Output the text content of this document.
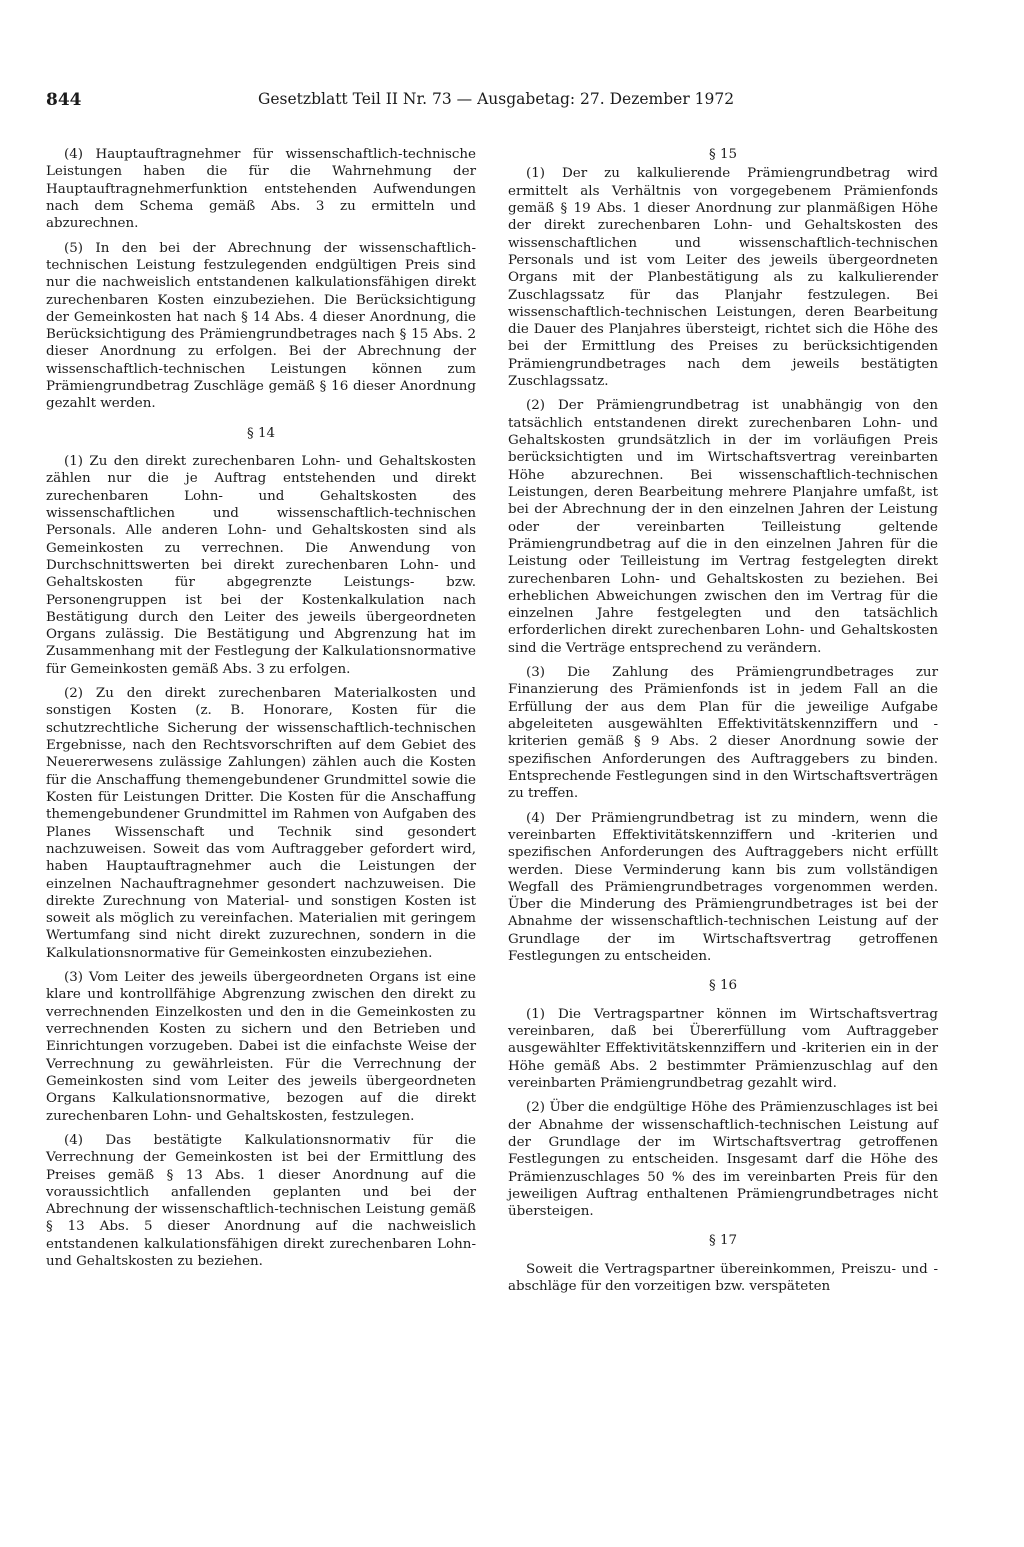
844	Gesetzblatt Teil II Nr. 73 — Ausgabetag: 27. Dezember 1972

(4) Hauptauftragnehmer für wissenschaftlich-technische Leistungen haben die für die Wahrnehmung der Hauptauftragnehmerfunktion entstehenden Aufwendungen nach dem Schema gemäß Abs. 3 zu ermitteln und abzurechnen.

(5) In den bei der Abrechnung der wissenschaftlich-technischen Leistung festzulegenden endgültigen Preis sind nur die nachweislich entstandenen kalkulationsfähigen direkt zurechenbaren Kosten einzubeziehen. Die Berücksichtigung der Gemeinkosten hat nach § 14 Abs. 4 dieser Anordnung, die Berücksichtigung des Prämiengrundbetrages nach § 15 Abs. 2 dieser Anordnung zu erfolgen. Bei der Abrechnung der wissenschaftlich-technischen Leistungen können zum Prämiengrundbetrag Zuschläge gemäß § 16 dieser Anordnung gezahlt werden.

§ 14

(1) Zu den direkt zurechenbaren Lohn- und Gehaltskosten zählen nur die je Auftrag entstehenden und direkt zurechenbaren Lohn- und Gehaltskosten des wissenschaftlichen und wissenschaftlich-technischen Personals. Alle anderen Lohn- und Gehaltskosten sind als Gemeinkosten zu verrechnen. Die Anwendung von Durchschnittswerten bei direkt zurechenbaren Lohn- und Gehaltskosten für abgegrenzte Leistungs- bzw. Personengruppen ist bei der Kostenkalkulation nach Bestätigung durch den Leiter des jeweils übergeordneten Organs zulässig. Die Bestätigung und Abgrenzung hat im Zusammenhang mit der Festlegung der Kalkulationsnormative für Gemeinkosten gemäß Abs. 3 zu erfolgen.

(2) Zu den direkt zurechenbaren Materialkosten und sonstigen Kosten (z. B. Honorare, Kosten für die schutzrechtliche Sicherung der wissenschaftlich-technischen Ergebnisse, nach den Rechtsvorschriften auf dem Gebiet des Neuererwesens zulässige Zahlungen) zählen auch die Kosten für die Anschaffung themengebundener Grundmittel sowie die Kosten für Leistungen Dritter. Die Kosten für die Anschaffung themengebundener Grundmittel im Rahmen von Aufgaben des Planes Wissenschaft und Technik sind gesondert nachzuweisen. Soweit das vom Auftraggeber gefordert wird, haben Hauptauftragnehmer auch die Leistungen der einzelnen Nachauftragnehmer gesondert nachzuweisen. Die direkte Zurechnung von Material- und sonstigen Kosten ist soweit als möglich zu vereinfachen. Materialien mit geringem Wertumfang sind nicht direkt zuzurechnen, sondern in die Kalkulationsnormative für Gemeinkosten einzubeziehen.

(3) Vom Leiter des jeweils übergeordneten Organs ist eine klare und kontrollfähige Abgrenzung zwischen den direkt zu verrechnenden Einzelkosten und den in die Gemeinkosten zu verrechnenden Kosten zu sichern und den Betrieben und Einrichtungen vorzugeben. Dabei ist die einfachste Weise der Verrechnung zu gewährleisten. Für die Verrechnung der Gemeinkosten sind vom Leiter des jeweils übergeordneten Organs Kalkulationsnormative, bezogen auf die direkt zurechenbaren Lohn- und Gehaltskosten, festzulegen.

(4) Das bestätigte Kalkulationsnormativ für die Verrechnung der Gemeinkosten ist bei der Ermittlung des Preises gemäß § 13 Abs. 1 dieser Anordnung auf die voraussichtlich anfallenden geplanten und bei der Abrechnung der wissenschaftlich-technischen Leistung gemäß § 13 Abs. 5 dieser Anordnung auf die nachweislich entstandenen kalkulationsfähigen direkt zurechenbaren Lohn- und Gehaltskosten zu beziehen.

§ 15

(1) Der zu kalkulierende Prämiengrundbetrag wird ermittelt als Verhältnis von vorgegebenem Prämienfonds gemäß § 19 Abs. 1 dieser Anordnung zur planmäßigen Höhe der direkt zurechenbaren Lohn- und Gehaltskosten des wissenschaftlichen und wissenschaftlich-technischen Personals und ist vom Leiter des jeweils übergeordneten Organs mit der Planbestätigung als zu kalkulierender Zuschlagssatz für das Planjahr festzulegen. Bei wissenschaftlich-technischen Leistungen, deren Bearbeitung die Dauer des Planjahres übersteigt, richtet sich die Höhe des bei der Ermittlung des Preises zu berücksichtigenden Prämiengrundbetrages nach dem jeweils bestätigten Zuschlagssatz.

(2) Der Prämiengrundbetrag ist unabhängig von den tatsächlich entstandenen direkt zurechenbaren Lohn- und Gehaltskosten grundsätzlich in der im vorläufigen Preis berücksichtigten und im Wirtschaftsvertrag vereinbarten Höhe abzurechnen. Bei wissenschaftlich-technischen Leistungen, deren Bearbeitung mehrere Planjahre umfaßt, ist bei der Abrechnung der in den einzelnen Jahren der Leistung oder der vereinbarten Teilleistung geltende Prämiengrundbetrag auf die in den einzelnen Jahren für die Leistung oder Teilleistung im Vertrag festgelegten direkt zurechenbaren Lohn- und Gehaltskosten zu beziehen. Bei erheblichen Abweichungen zwischen den im Vertrag für die einzelnen Jahre festgelegten und den tatsächlich erforderlichen direkt zurechenbaren Lohn- und Gehaltskosten sind die Verträge entsprechend zu verändern.

(3) Die Zahlung des Prämiengrundbetrages zur Finanzierung des Prämienfonds ist in jedem Fall an die Erfüllung der aus dem Plan für die jeweilige Aufgabe abgeleiteten ausgewählten Effektivitätskennziffern und -kriterien gemäß § 9 Abs. 2 dieser Anordnung sowie der spezifischen Anforderungen des Auftraggebers zu binden. Entsprechende Festlegungen sind in den Wirtschaftsverträgen zu treffen.

(4) Der Prämiengrundbetrag ist zu mindern, wenn die vereinbarten Effektivitätskennziffern und -kriterien und spezifischen Anforderungen des Auftraggebers nicht erfüllt werden. Diese Verminderung kann bis zum vollständigen Wegfall des Prämiengrundbetrages vorgenommen werden. Über die Minderung des Prämiengrundbetrages ist bei der Abnahme der wissenschaftlich-technischen Leistung auf der Grundlage der im Wirtschaftsvertrag getroffenen Festlegungen zu entscheiden.

§ 16

(1) Die Vertragspartner können im Wirtschaftsvertrag vereinbaren, daß bei Übererfüllung vom Auftraggeber ausgewählter Effektivitätskennziffern und -kriterien ein in der Höhe gemäß Abs. 2 bestimmter Prämienzuschlag auf den vereinbarten Prämiengrundbetrag gezahlt wird.

(2) Über die endgültige Höhe des Prämienzuschlages ist bei der Abnahme der wissenschaftlich-technischen Leistung auf der Grundlage der im Wirtschaftsvertrag getroffenen Festlegungen zu entscheiden. Insgesamt darf die Höhe des Prämienzuschlages 50 % des im vereinbarten Preis für den jeweiligen Auftrag enthaltenen Prämiengrundbetrages nicht übersteigen.

§ 17

Soweit die Vertragspartner übereinkommen, Preiszu- und -abschläge für den vorzeitigen bzw. verspäteten
